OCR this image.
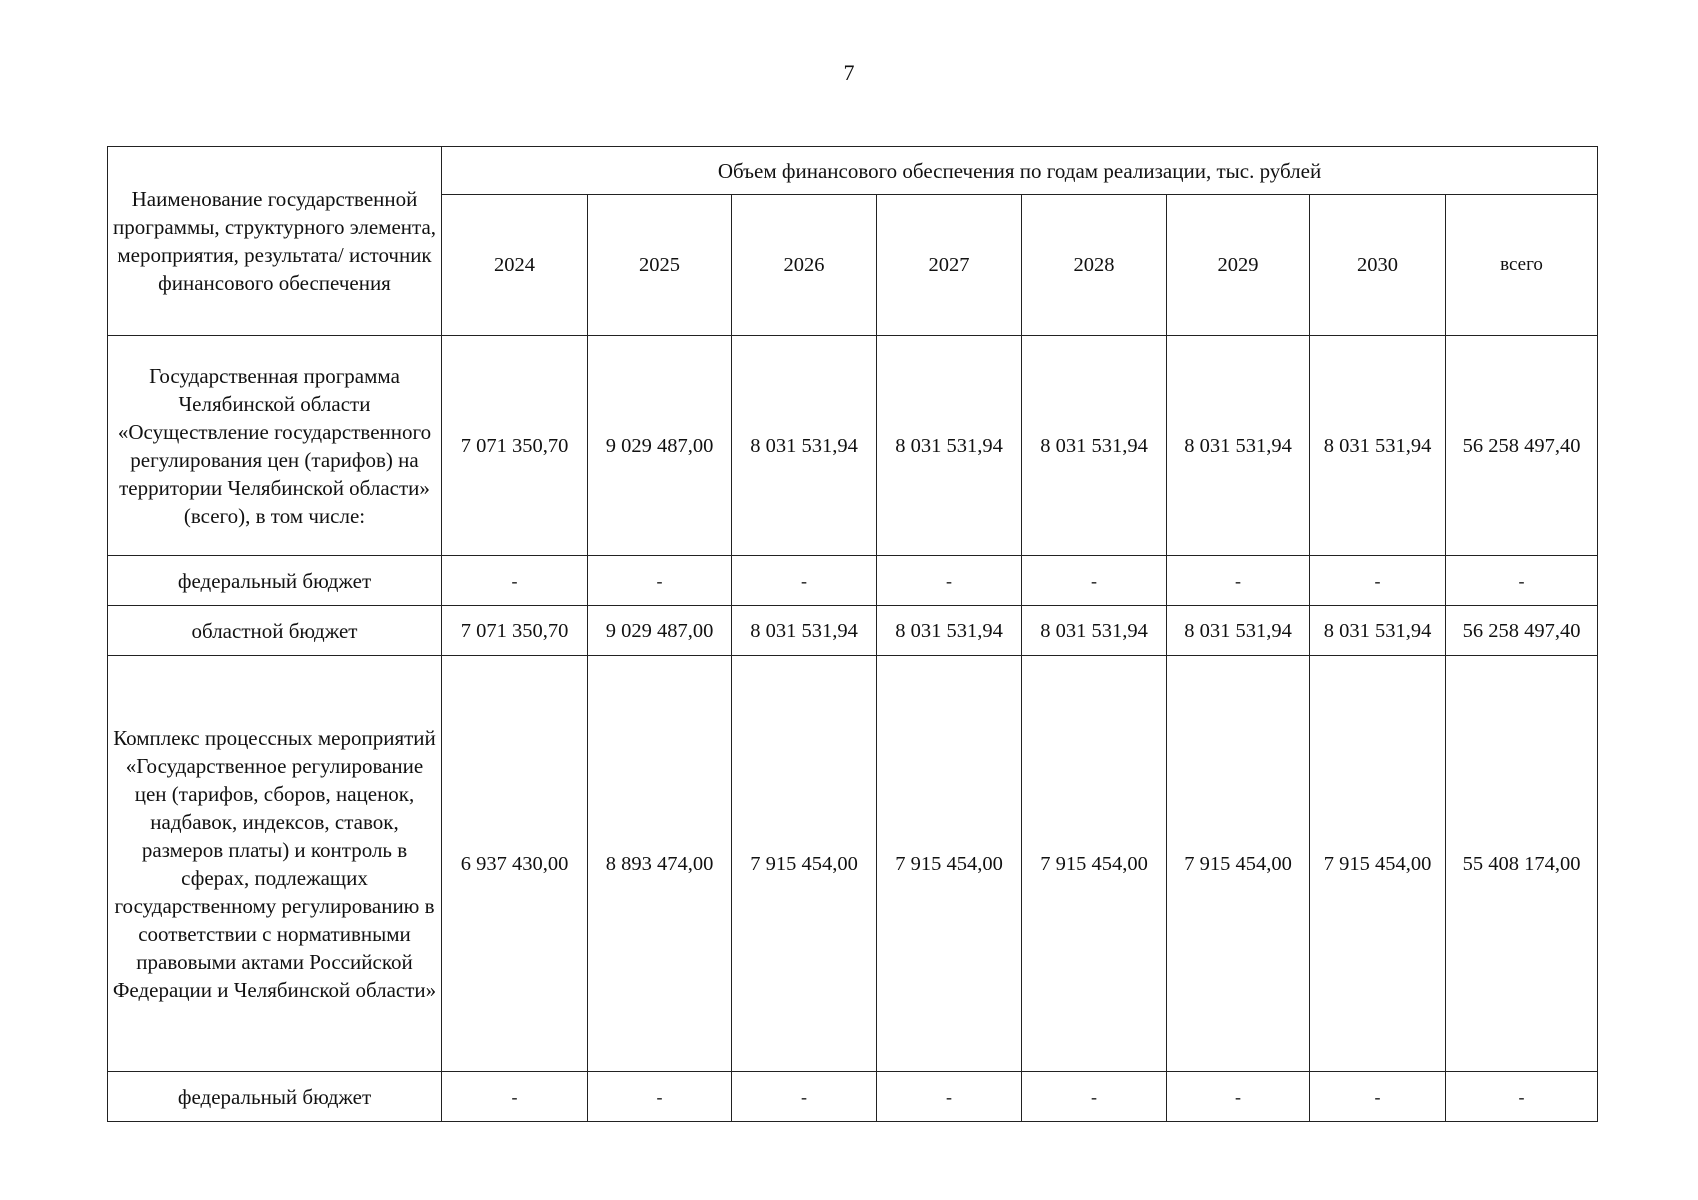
7
Наименование государственной программы, структурного элемента, мероприятия, результата/ источник финансового обеспечения	Объем финансового обеспечения по годам реализации, тыс. рублей							
	2024	2025	2026	2027	2028	2029	2030	всего
Государственная программа Челябинской области «Осуществление государственного регулирования цен (тарифов) на территории Челябинской области» (всего), в том числе:	7 071 350,70	9 029 487,00	8 031 531,94	8 031 531,94	8 031 531,94	8 031 531,94	8 031 531,94	56 258 497,40
федеральный бюджет	-	-	-	-	-	-	-	-
областной бюджет	7 071 350,70	9 029 487,00	8 031 531,94	8 031 531,94	8 031 531,94	8 031 531,94	8 031 531,94	56 258 497,40
Комплекс процессных мероприятий «Государственное регулирование цен (тарифов, сборов, наценок, надбавок, индексов, ставок, размеров платы) и контроль в сферах, подлежащих государственному регулированию в соответствии с нормативными правовыми актами Российской Федерации и Челябинской области»	6 937 430,00	8 893 474,00	7 915 454,00	7 915 454,00	7 915 454,00	7 915 454,00	7 915 454,00	55 408 174,00
федеральный бюджет	-	-	-	-	-	-	-	-
